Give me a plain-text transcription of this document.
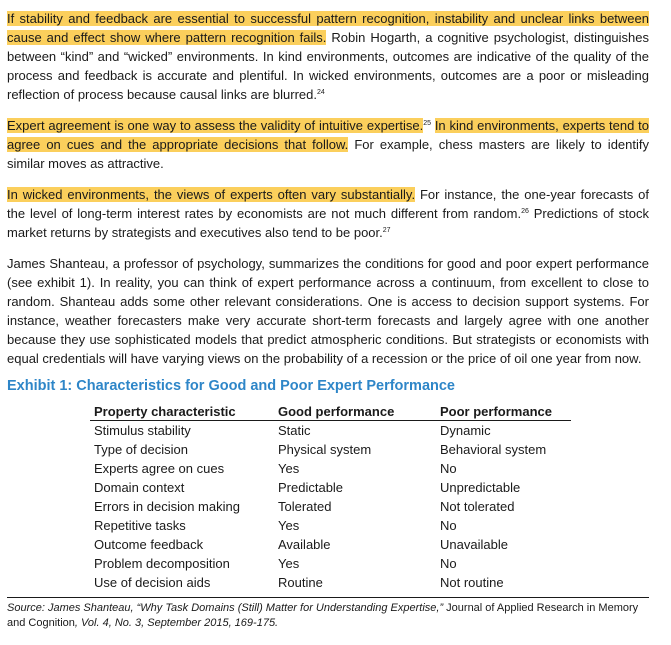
If stability and feedback are essential to successful pattern recognition, instability and unclear links between cause and effect show where pattern recognition fails. Robin Hogarth, a cognitive psychologist, distinguishes between “kind” and “wicked” environments. In kind environments, outcomes are indicative of the quality of the process and feedback is accurate and plentiful. In wicked environments, outcomes are a poor or misleading reflection of process because causal links are blurred.$^{24}$

Expert agreement is one way to assess the validity of intuitive expertise.$^{25}$ In kind environments, experts tend to agree on cues and the appropriate decisions that follow. For example, chess masters are likely to identify similar moves as attractive.

In wicked environments, the views of experts often vary substantially. For instance, the one-year forecasts of the level of long-term interest rates by economists are not much different from random.$^{26}$ Predictions of stock market returns by strategists and executives also tend to be poor.$^{27}$

James Shanteau, a professor of psychology, summarizes the conditions for good and poor expert performance (see exhibit 1). In reality, you can think of expert performance across a continuum, from excellent to close to random. Shanteau adds some other relevant considerations. One is access to decision support systems. For instance, weather forecasters make very accurate short-term forecasts and largely agree with one another because they use sophisticated models that predict atmospheric conditions. But strategists or economists with equal credentials will have varying views on the probability of a recession or the price of oil one year from now.

Exhibit 1: Characteristics for Good and Poor Expert Performance
Property characteristic	Good performance	Poor performance
Stimulus stability	Static	Dynamic
Type of decision	Physical system	Behavioral system
Experts agree on cues	Yes	No
Domain context	Predictable	Unpredictable
Errors in decision making	Tolerated	Not tolerated
Repetitive tasks	Yes	No
Outcome feedback	Available	Unavailable
Problem decomposition	Yes	No
Use of decision aids	Routine	Not routine
Source: James Shanteau, “Why Task Domains (Still) Matter for Understanding Expertise,” Journal of Applied Research in Memory and Cognition, Vol. 4, No. 3, September 2015, 169-175.
